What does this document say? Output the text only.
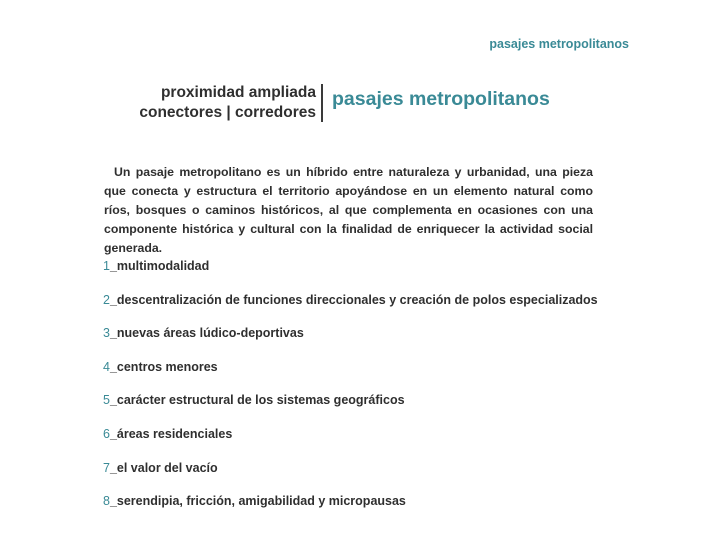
pasajes metropolitanos
proximidad ampliada
conectores | corredores
pasajes metropolitanos

Un pasaje metropolitano es un híbrido entre naturaleza y urbanidad, una pieza que conecta y estructura el territorio apoyándose en un elemento natural como ríos, bosques o caminos históricos, al que complementa en ocasiones con una componente histórica y cultural con la finalidad de enriquecer la actividad social generada.

1_multimodalidad
2_descentralización de funciones direccionales y creación de polos especializados
3_nuevas áreas lúdico-deportivas
4_centros menores
5_carácter estructural de los sistemas geográficos
6_áreas residenciales
7_el valor del vacío
8_serendipia, fricción, amigabilidad y micropausas
